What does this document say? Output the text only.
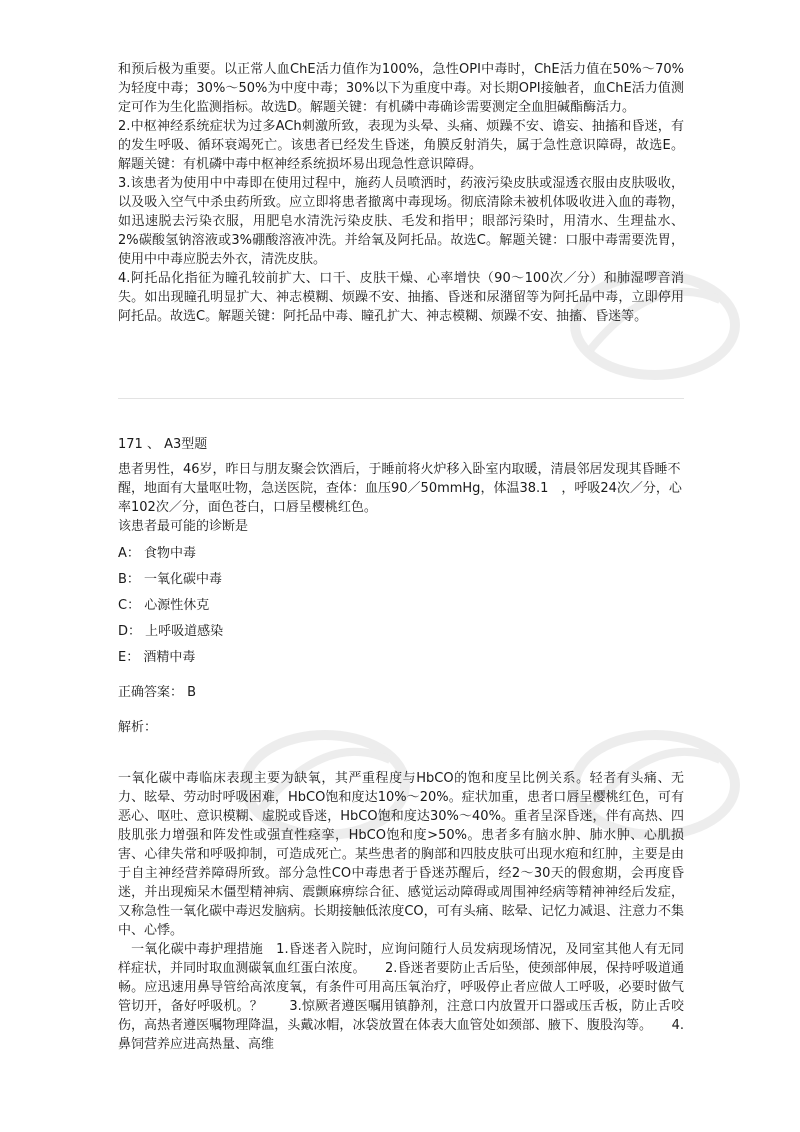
和预后极为重要。以正常人血ChE活力值作为100%，急性OPI中毒时，ChE活力值在50%～70%为轻度中毒；30%～50%为中度中毒；30%以下为重度中毒。对长期OPI接触者，血ChE活力值测定可作为生化监测指标。故选D。解题关键：有机磷中毒确诊需要测定全血胆碱酯酶活力。

2.中枢神经系统症状为过多ACh刺激所致，表现为头晕、头痛、烦躁不安、谵妄、抽搐和昏迷，有的发生呼吸、循环衰竭死亡。该患者已经发生昏迷，角膜反射消失，属于急性意识障碍，故选E。解题关键：有机磷中毒中枢神经系统损坏易出现急性意识障碍。

3.该患者为使用中中毒即在使用过程中，施药人员喷洒时，药液污染皮肤或湿透衣服由皮肤吸收，以及吸入空气中杀虫药所致。应立即将患者撤离中毒现场。彻底清除未被机体吸收进入血的毒物，如迅速脱去污染衣服，用肥皂水清洗污染皮肤、毛发和指甲；眼部污染时，用清水、生理盐水、2%碳酸氢钠溶液或3%硼酸溶液冲洗。并给氧及阿托品。故选C。解题关键：口服中毒需要洗胃，使用中中毒应脱去外衣，清洗皮肤。

4.阿托品化指征为瞳孔较前扩大、口干、皮肤干燥、心率增快（90～100次／分）和肺湿啰音消失。如出现瞳孔明显扩大、神志模糊、烦躁不安、抽搐、昏迷和尿潴留等为阿托品中毒，立即停用阿托品。故选C。解题关键：阿托品中毒、瞳孔扩大、神志模糊、烦躁不安、抽搐、昏迷等。

171 、 A3型题

患者男性，46岁，昨日与朋友聚会饮酒后，于睡前将火炉移入卧室内取暖，清晨邻居发现其昏睡不醒，地面有大量呕吐物，急送医院，查体：血压90／50mmHg，体温38.1　，呼吸24次／分，心率102次／分，面色苍白，口唇呈樱桃红色。

该患者最可能的诊断是

A： 食物中毒

B： 一氧化碳中毒

C： 心源性休克

D： 上呼吸道感染

E： 酒精中毒

正确答案： B

解析：

一氧化碳中毒临床表现主要为缺氧，其严重程度与HbCO的饱和度呈比例关系。轻者有头痛、无力、眩晕、劳动时呼吸困难，HbCO饱和度达10%～20%。症状加重，患者口唇呈樱桃红色，可有恶心、呕吐、意识模糊、虚脱或昏迷，HbCO饱和度达30%～40%。重者呈深昏迷，伴有高热、四肢肌张力增强和阵发性或强直性痉挛，HbCO饱和度>50%。患者多有脑水肿、肺水肿、心肌损害、心律失常和呼吸抑制，可造成死亡。某些患者的胸部和四肢皮肤可出现水疱和红肿，主要是由于自主神经营养障碍所致。部分急性CO中毒患者于昏迷苏醒后，经2～30天的假愈期，会再度昏迷，并出现痴呆木僵型精神病、震颤麻痹综合征、感觉运动障碍或周围神经病等精神神经后发症，又称急性一氧化碳中毒迟发脑病。长期接触低浓度CO，可有头痛、眩晕、记忆力减退、注意力不集中、心悸。

　一氧化碳中毒护理措施　1.昏迷者入院时，应询问随行人员发病现场情况，及同室其他人有无同样症状，并同时取血测碳氧血红蛋白浓度。　　2.昏迷者要防止舌后坠，使颈部伸展，保持呼吸道通畅。应迅速用鼻导管给高浓度氧，有条件可用高压氧治疗，呼吸停止者应做人工呼吸，必要时做气管切开，备好呼吸机。？　　3.惊厥者遵医嘱用镇静剂，注意口内放置开口器或压舌板，防止舌咬伤，高热者遵医嘱物理降温，头戴冰帽，冰袋放置在体表大血管处如颈部、腋下、腹股沟等。　　4.鼻饲营养应进高热量、高维
